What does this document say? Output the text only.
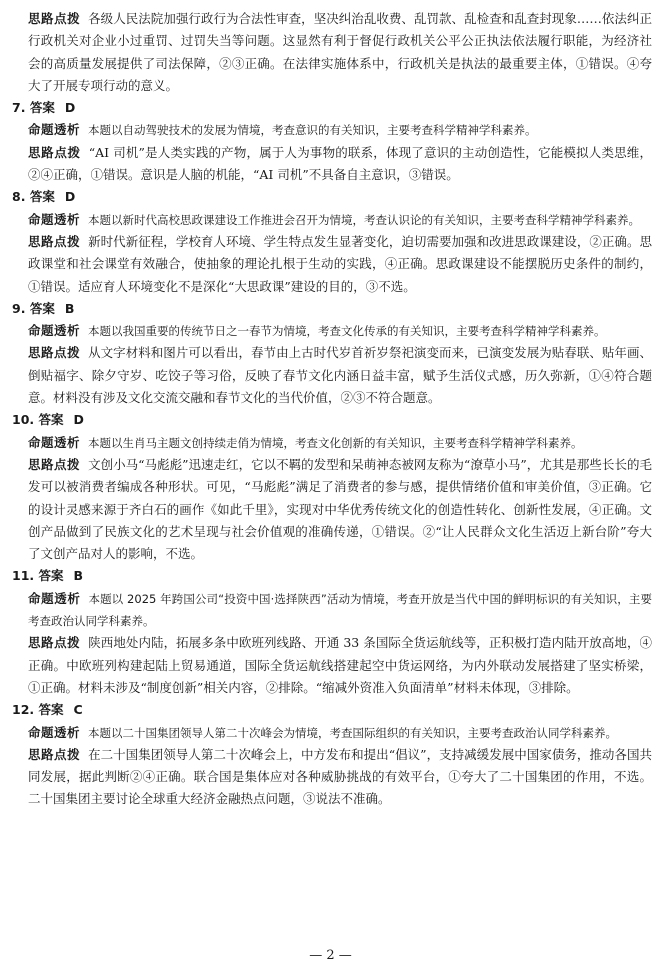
思路点拨 各级人民法院加强行政行为合法性审查，坚决纠治乱收费、乱罚款、乱检查和乱查封现象……依法纠正行政机关对企业小过重罚、过罚失当等问题。这显然有利于督促行政机关公平公正执法依法履行职能，为经济社会的高质量发展提供了司法保障，②③正确。在法律实施体系中，行政机关是执法的最重要主体，①错误。④夸大了开展专项行动的意义。

7. 答案 D

命题透析 本题以自动驾驶技术的发展为情境，考查意识的有关知识，主要考查科学精神学科素养。

思路点拨 “AI 司机”是人类实践的产物，属于人为事物的联系，体现了意识的主动创造性，它能模拟人类思维，②④正确，①错误。意识是人脑的机能，“AI 司机”不具备自主意识，③错误。

8. 答案 D

命题透析 本题以新时代高校思政课建设工作推进会召开为情境，考查认识论的有关知识，主要考查科学精神学科素养。

思路点拨 新时代新征程，学校育人环境、学生特点发生显著变化，迫切需要加强和改进思政课建设，②正确。思政课堂和社会课堂有效融合，使抽象的理论扎根于生动的实践，④正确。思政课建设不能摆脱历史条件的制约，①错误。适应育人环境变化不是深化“大思政课”建设的目的，③不选。

9. 答案 B

命题透析 本题以我国重要的传统节日之一春节为情境，考查文化传承的有关知识，主要考查科学精神学科素养。

思路点拨 从文字材料和图片可以看出，春节由上古时代岁首祈岁祭祀演变而来，已演变发展为贴春联、贴年画、倒贴福字、除夕守岁、吃饺子等习俗，反映了春节文化内涵日益丰富，赋予生活仪式感，历久弥新，①④符合题意。材料没有涉及文化交流交融和春节文化的当代价值，②③不符合题意。

10. 答案 D

命题透析 本题以生肖马主题文创持续走俏为情境，考查文化创新的有关知识，主要考查科学精神学科素养。

思路点拨 文创小马“马彪彪”迅速走红，它以不羁的发型和呆萌神态被网友称为“潦草小马”，尤其是那些长长的毛发可以被消费者编成各种形状。可见，“马彪彪”满足了消费者的参与感，提供情绪价值和审美价值，③正确。它的设计灵感来源于齐白石的画作《如此千里》，实现对中华优秀传统文化的创造性转化、创新性发展，④正确。文创产品做到了民族文化的艺术呈现与社会价值观的准确传递，①错误。②“让人民群众文化生活迈上新台阶”夸大了文创产品对人的影响，不选。

11. 答案 B

命题透析 本题以 2025 年跨国公司“投资中国·选择陕西”活动为情境，考查开放是当代中国的鲜明标识的有关知识，主要考查政治认同学科素养。

思路点拨 陕西地处内陆，拓展多条中欧班列线路、开通 33 条国际全货运航线等，正积极打造内陆开放高地，④正确。中欧班列构建起陆上贸易通道，国际全货运航线搭建起空中货运网络，为内外联动发展搭建了坚实桥梁，①正确。材料未涉及“制度创新”相关内容，②排除。“缩减外资准入负面清单”材料未体现，③排除。

12. 答案 C

命题透析 本题以二十国集团领导人第二十次峰会为情境，考查国际组织的有关知识，主要考查政治认同学科素养。

思路点拨 在二十国集团领导人第二十次峰会上，中方发布和提出“倡议”，支持减缓发展中国家债务，推动各国共同发展，据此判断②④正确。联合国是集体应对各种威胁挑战的有效平台，①夸大了二十国集团的作用，不选。二十国集团主要讨论全球重大经济金融热点问题，③说法不准确。

— 2 —
